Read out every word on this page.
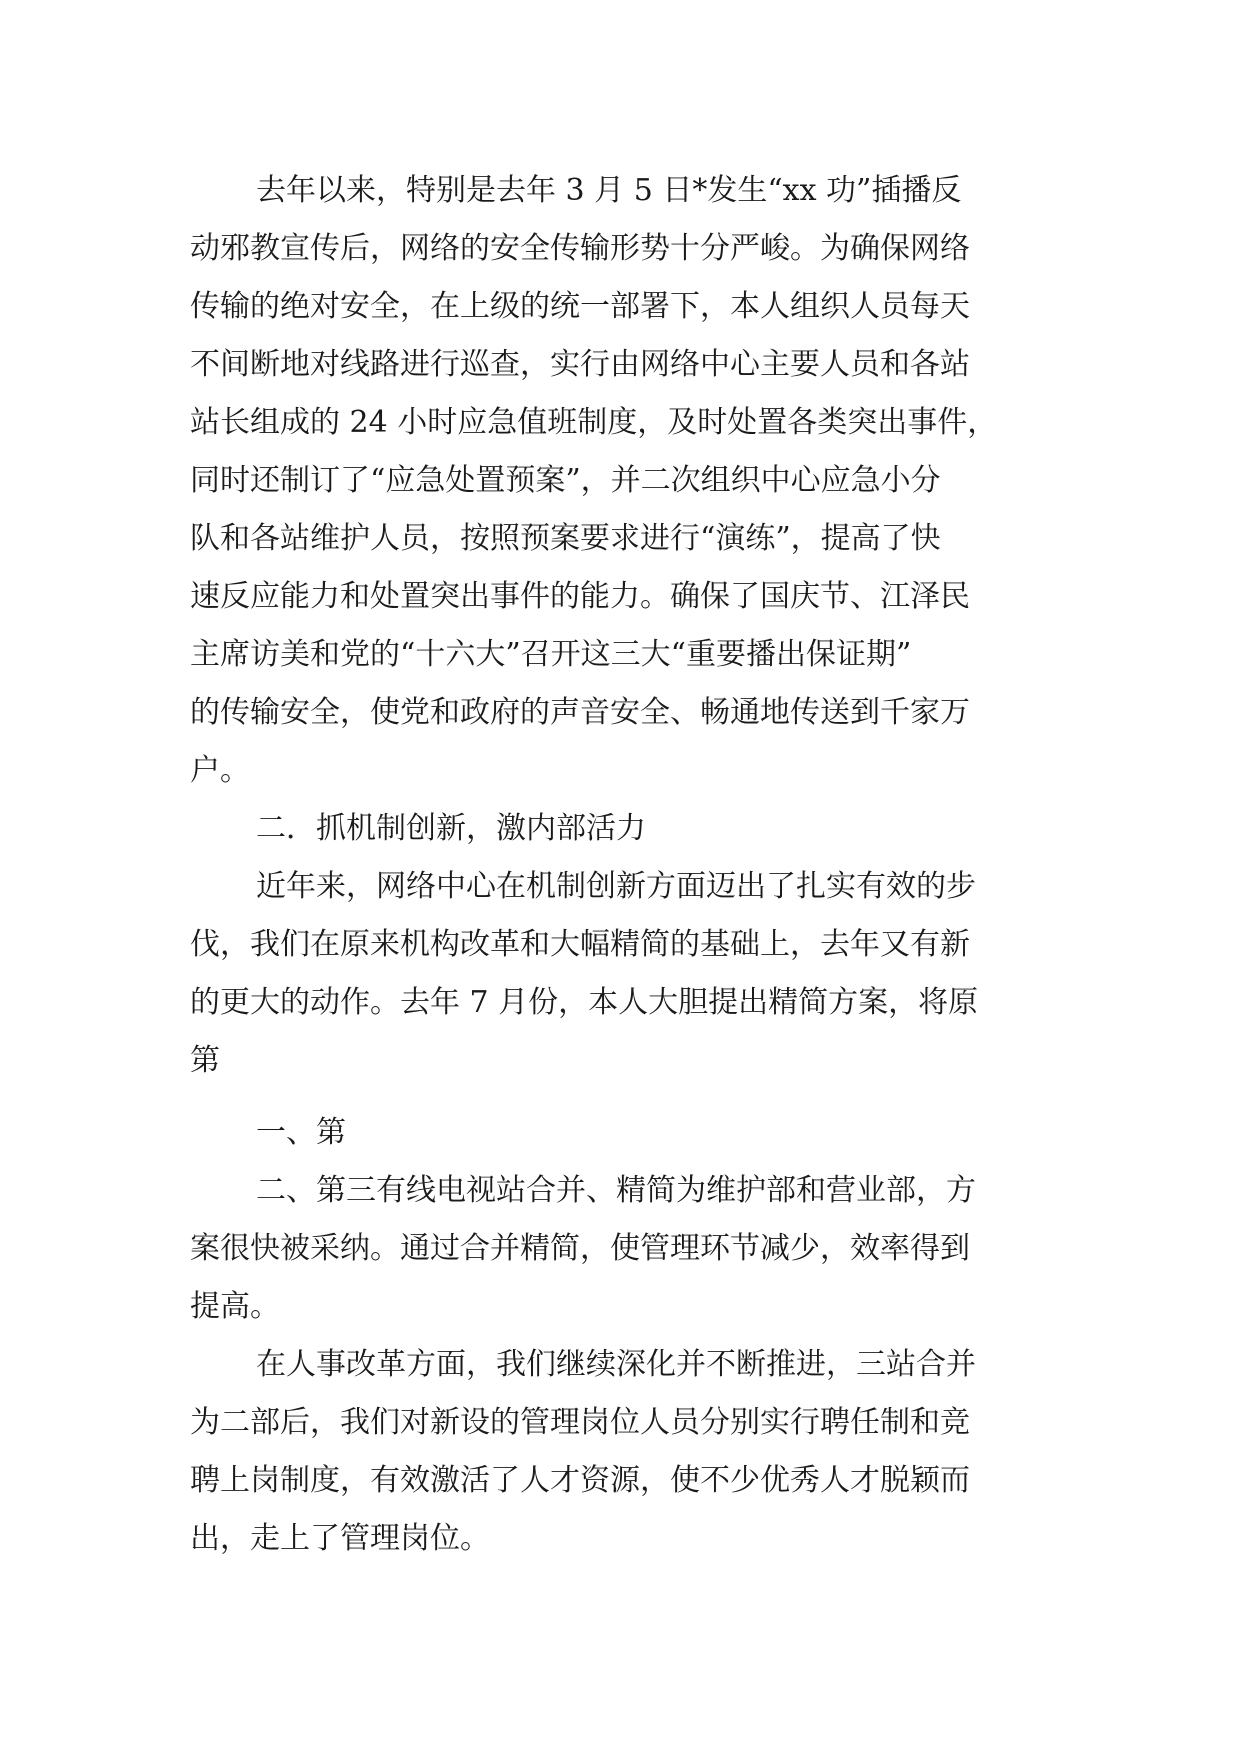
去年以来，特别是去年 3 月 5 日*发生“xx 功”插播反
动邪教宣传后，网络的安全传输形势十分严峻。为确保网络
传输的绝对安全，在上级的统一部署下，本人组织人员每天
不间断地对线路进行巡查，实行由网络中心主要人员和各站
站长组成的 24 小时应急值班制度，及时处置各类突出事件，
同时还制订了“应急处置预案”，并二次组织中心应急小分
队和各站维护人员，按照预案要求进行“演练”，提高了快
速反应能力和处置突出事件的能力。确保了国庆节、江泽民
主席访美和党的“十六大”召开这三大“重要播出保证期”
的传输安全，使党和政府的声音安全、畅通地传送到千家万
户。
二．抓机制创新，激内部活力
近年来，网络中心在机制创新方面迈出了扎实有效的步
伐，我们在原来机构改革和大幅精简的基础上，去年又有新
的更大的动作。去年 7 月份，本人大胆提出精简方案，将原
第
一、第
二、第三有线电视站合并、精简为维护部和营业部，方
案很快被采纳。通过合并精简，使管理环节减少，效率得到
提高。
在人事改革方面，我们继续深化并不断推进，三站合并
为二部后，我们对新设的管理岗位人员分别实行聘任制和竞
聘上岗制度，有效激活了人才资源，使不少优秀人才脱颖而
出，走上了管理岗位。
